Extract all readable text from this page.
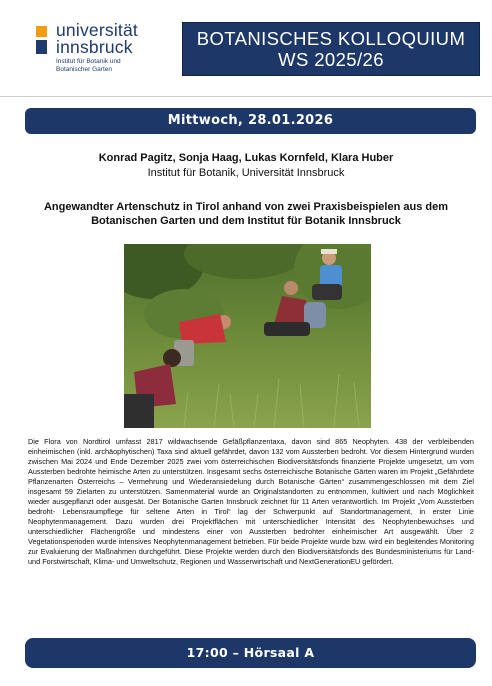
universität
innsbruck
Institut für Botanik und
Botanischer Garten
BOTANISCHES KOLLOQUIUM
WS 2025/26
Mittwoch, 28.01.2026
Konrad Pagitz, Sonja Haag, Lukas Kornfeld, Klara Huber
Institut für Botanik, Universität Innsbruck
Angewandter Artenschutz in Tirol anhand von zwei Praxisbeispielen aus dem Botanischen Garten und dem Institut für Botanik Innsbruck
Die Flora von Nordtirol umfasst 2817 wildwachsende Gefäßpflanzentaxa, davon sind 865 Neophyten. 438 der verbleibenden einheimischen (inkl. archäophytischen) Taxa sind aktuell gefährdet, davon 132 vom Aussterben bedroht. Vor diesem Hintergrund wurden zwischen Mai 2024 und Ende Dezember 2025 zwei vom österreichischen Biodiversitätsfonds finanzierte Projekte umgesetzt, um vom Aussterben bedrohte heimische Arten zu unterstützen. Insgesamt sechs österreichische Botanische Gärten waren im Projekt „Gefährdete Pflanzenarten Österreichs – Vermehrung und Wiederansiedelung durch Botanische Gärten“ zusammengeschlossen mit dem Ziel insgesamt 59 Zielarten zu unterstützen. Samenmaterial wurde an Originalstandorten zu entnommen, kultiviert und nach Möglichkeit wieder ausgepflanzt oder ausgesät. Der Botanische Garten Innsbruck zeichnet für 11 Arten verantwortlich. Im Projekt „Vom Aussterben bedroht- Lebensraumpflege für seltene Arten in Tirol“ lag der Schwerpunkt auf Standortmanagement, in erster Linie Neophytenmanagement. Dazu wurden drei Projektflächen mit unterschiedlicher Intensität des Neophytenbewuchses und unterschiedlicher Flächengröße und mindestens einer von Aussterben bedrohter einheimischer Art ausgewählt. Über 2 Vegetationsperioden wurde intensives Neophytenmanagement betrieben. Für beide Projekte wurde bzw. wird ein begleitendes Monitoring zur Evaluierung der Maßnahmen durchgeführt. Diese Projekte werden durch den Biodiversitätsfonds des Bundesministeriums für Land- und Forstwirtschaft, Klima- und Umweltschutz, Regionen und Wasserwirtschaft und NextGenerationEU gefördert.
17:00 – Hörsaal A
